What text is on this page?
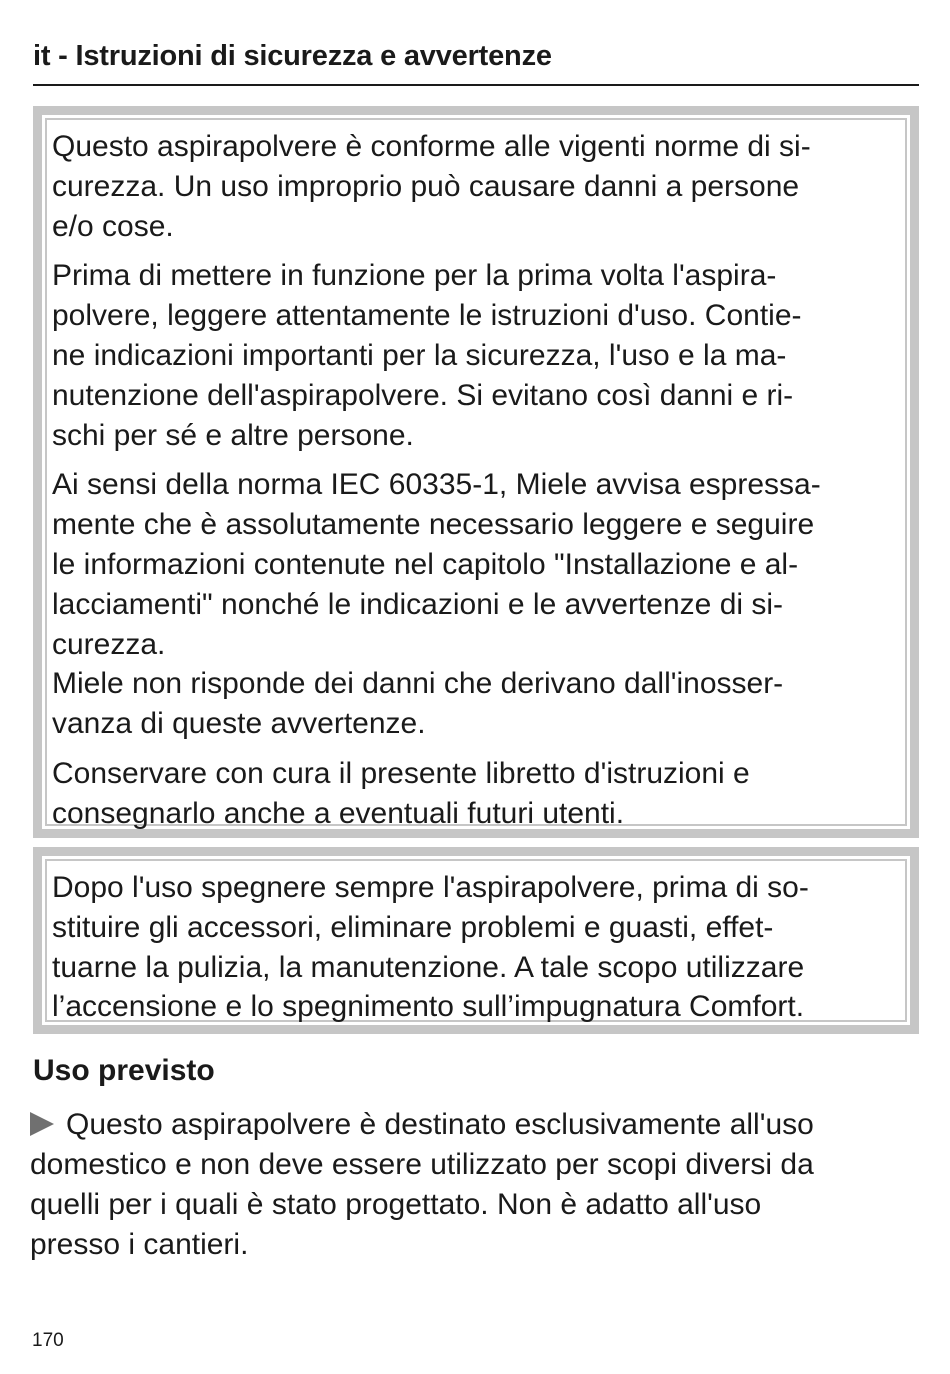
it - Istruzioni di sicurezza e avvertenze

Questo aspirapolvere è conforme alle vigenti norme di si-
curezza. Un uso improprio può causare danni a persone
e/o cose.

Prima di mettere in funzione per la prima volta l'aspira-
polvere, leggere attentamente le istruzioni d'uso. Contie-
ne indicazioni importanti per la sicurezza, l'uso e la ma-
nutenzione dell'aspirapolvere. Si evitano così danni e ri-
schi per sé e altre persone.

Ai sensi della norma IEC 60335-1, Miele avvisa espressa-
mente che è assolutamente necessario leggere e seguire
le informazioni contenute nel capitolo "Installazione e al-
lacciamenti" nonché le indicazioni e le avvertenze di si-
curezza.
Miele non risponde dei danni che derivano dall'inosser-
vanza di queste avvertenze.

Conservare con cura il presente libretto d'istruzioni e
consegnarlo anche a eventuali futuri utenti.

Dopo l'uso spegnere sempre l'aspirapolvere, prima di so-
stituire gli accessori, eliminare problemi e guasti, effet-
tuarne la pulizia, la manutenzione. A tale scopo utilizzare
l’accensione e lo spegnimento sull’impugnatura Comfort.

Uso previsto
Questo aspirapolvere è destinato esclusivamente all'uso
domestico e non deve essere utilizzato per scopi diversi da
quelli per i quali è stato progettato. Non è adatto all'uso
presso i cantieri.
170
